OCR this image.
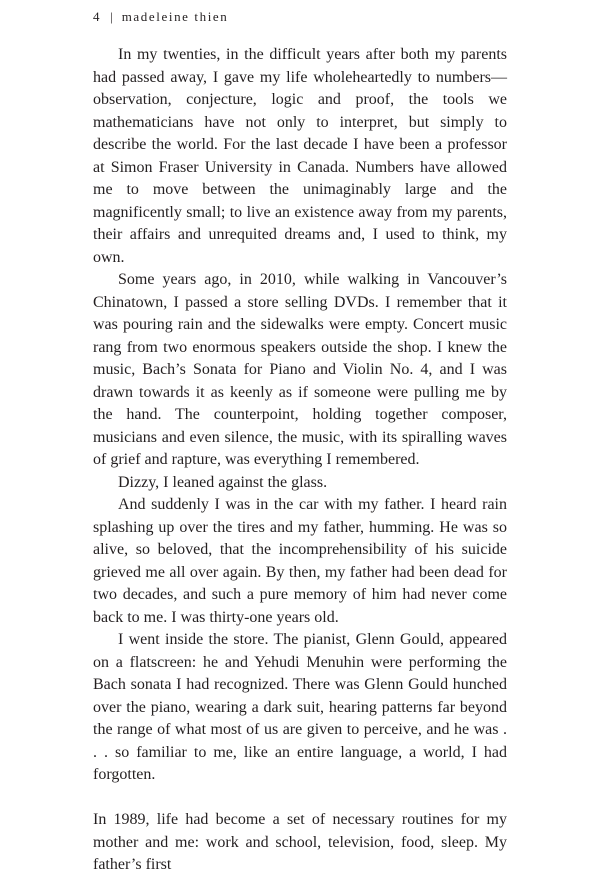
4 | madeleine thien

In my twenties, in the difficult years after both my parents had passed away, I gave my life wholeheartedly to numbers—observation, conjecture, logic and proof, the tools we mathematicians have not only to interpret, but simply to describe the world. For the last decade I have been a professor at Simon Fraser University in Canada. Numbers have allowed me to move between the unimaginably large and the magnificently small; to live an existence away from my parents, their affairs and unrequited dreams and, I used to think, my own.

Some years ago, in 2010, while walking in Vancouver’s Chinatown, I passed a store selling DVDs. I remember that it was pouring rain and the sidewalks were empty. Concert music rang from two enormous speakers outside the shop. I knew the music, Bach’s Sonata for Piano and Violin No. 4, and I was drawn towards it as keenly as if someone were pulling me by the hand. The counterpoint, holding together composer, musicians and even silence, the music, with its spiralling waves of grief and rapture, was everything I remembered.

Dizzy, I leaned against the glass.

And suddenly I was in the car with my father. I heard rain splashing up over the tires and my father, humming. He was so alive, so beloved, that the incomprehensibility of his suicide grieved me all over again. By then, my father had been dead for two decades, and such a pure memory of him had never come back to me. I was thirty-one years old.

I went inside the store. The pianist, Glenn Gould, appeared on a flatscreen: he and Yehudi Menuhin were performing the Bach sonata I had recognized. There was Glenn Gould hunched over the piano, wearing a dark suit, hearing patterns far beyond the range of what most of us are given to perceive, and he was . . . so familiar to me, like an entire language, a world, I had forgotten.

In 1989, life had become a set of necessary routines for my mother and me: work and school, television, food, sleep. My father’s first
